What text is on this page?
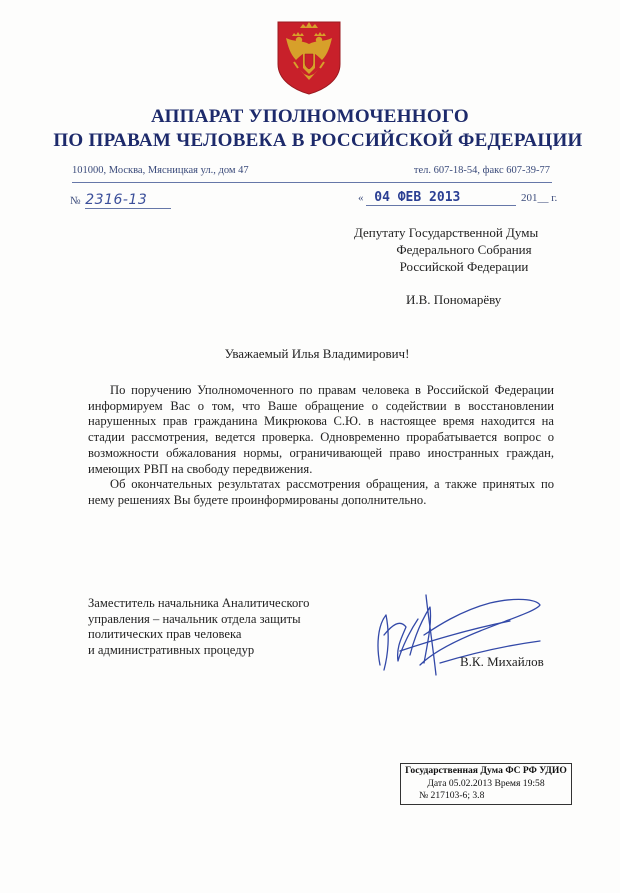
АППАРАТ УПОЛНОМОЧЕННОГО
ПО ПРАВАМ ЧЕЛОВЕКА В РОССИЙСКОЙ ФЕДЕРАЦИИ
101000, Москва, Мясницкая ул., дом 47	тел. 607-18-54, факс 607-39-77
№ 2316-13	« 04 ФЕВ 2013	201__ г.
Депутату Государственной Думы
Федерального Собрания
Российской Федерации
И.В. Пономарёву
Уважаемый Илья Владимирович!

По поручению Уполномоченного по правам человека в Российской Федерации информируем Вас о том, что Ваше обращение о содействии в восстановлении нарушенных прав гражданина Микрюкова С.Ю. в настоящее время находится на стадии рассмотрения, ведется проверка. Одновременно прорабатывается вопрос о возможности обжалования нормы, ограничивающей право иностранных граждан, имеющих РВП на свободу передвижения.

Об окончательных результатах рассмотрения обращения, а также принятых по нему решениях Вы будете проинформированы дополнительно.

Заместитель начальника Аналитического
управления – начальник отдела защиты
политических прав человека
и административных процедур
В.К. Михайлов
Государственная Дума ФС РФ УДИО
Дата 05.02.2013 Время 19:58
№ 217103-6; 3.8
